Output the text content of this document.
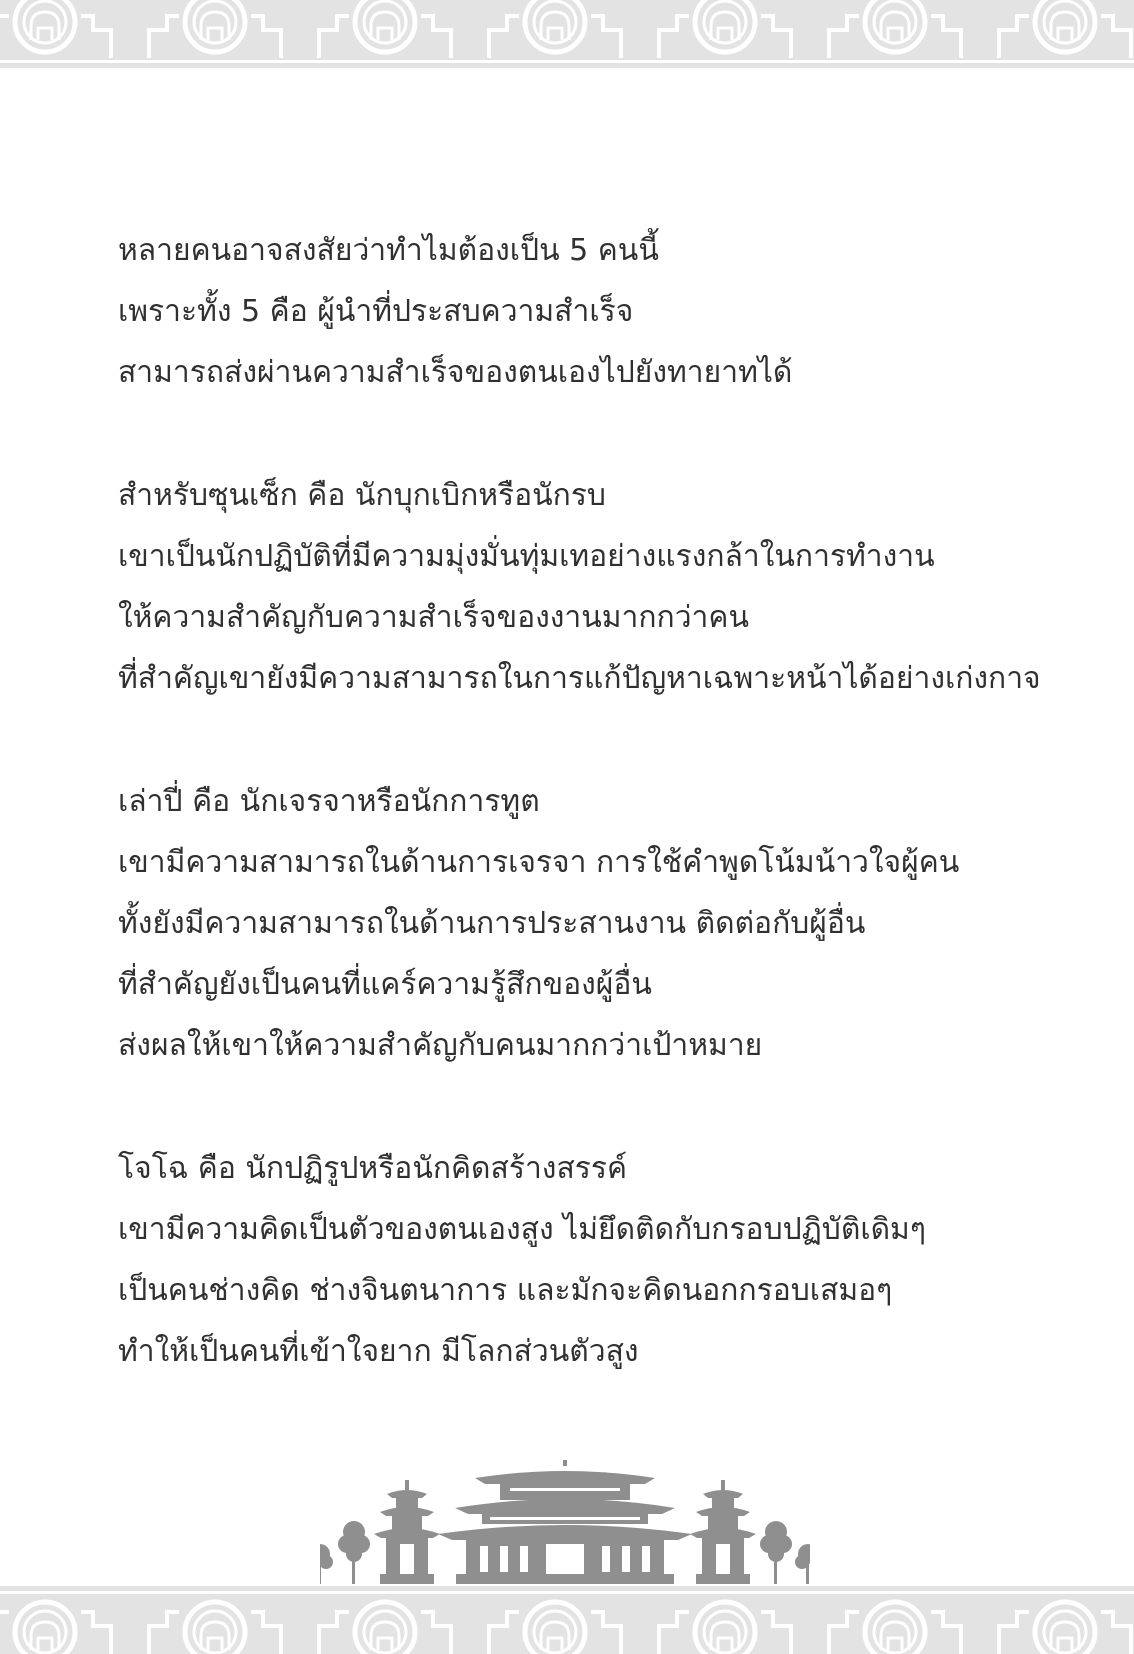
หลายคนอาจสงสัยว่าทำไมต้องเป็น 5 คนนี้
เพราะทั้ง 5 คือ ผู้นำที่ประสบความสำเร็จ
สามารถส่งผ่านความสำเร็จของตนเองไปยังทายาทได้
สำหรับซุนเซ็ก คือ นักบุกเบิกหรือนักรบ
เขาเป็นนักปฏิบัติที่มีความมุ่งมั่นทุ่มเทอย่างแรงกล้าในการทำงาน
ให้ความสำคัญกับความสำเร็จของงานมากกว่าคน
ที่สำคัญเขายังมีความสามารถในการแก้ปัญหาเฉพาะหน้าได้อย่างเก่งกาจ
เล่าปี่ คือ นักเจรจาหรือนักการทูต
เขามีความสามารถในด้านการเจรจา การใช้คำพูดโน้มน้าวใจผู้คน
ทั้งยังมีความสามารถในด้านการประสานงาน ติดต่อกับผู้อื่น
ที่สำคัญยังเป็นคนที่แคร์ความรู้สึกของผู้อื่น
ส่งผลให้เขาให้ความสำคัญกับคนมากกว่าเป้าหมาย
โจโฉ คือ นักปฏิรูปหรือนักคิดสร้างสรรค์
เขามีความคิดเป็นตัวของตนเองสูง ไม่ยึดติดกับกรอบปฏิบัติเดิมๆ
เป็นคนช่างคิด ช่างจินตนาการ และมักจะคิดนอกกรอบเสมอๆ
ทำให้เป็นคนที่เข้าใจยาก มีโลกส่วนตัวสูง
